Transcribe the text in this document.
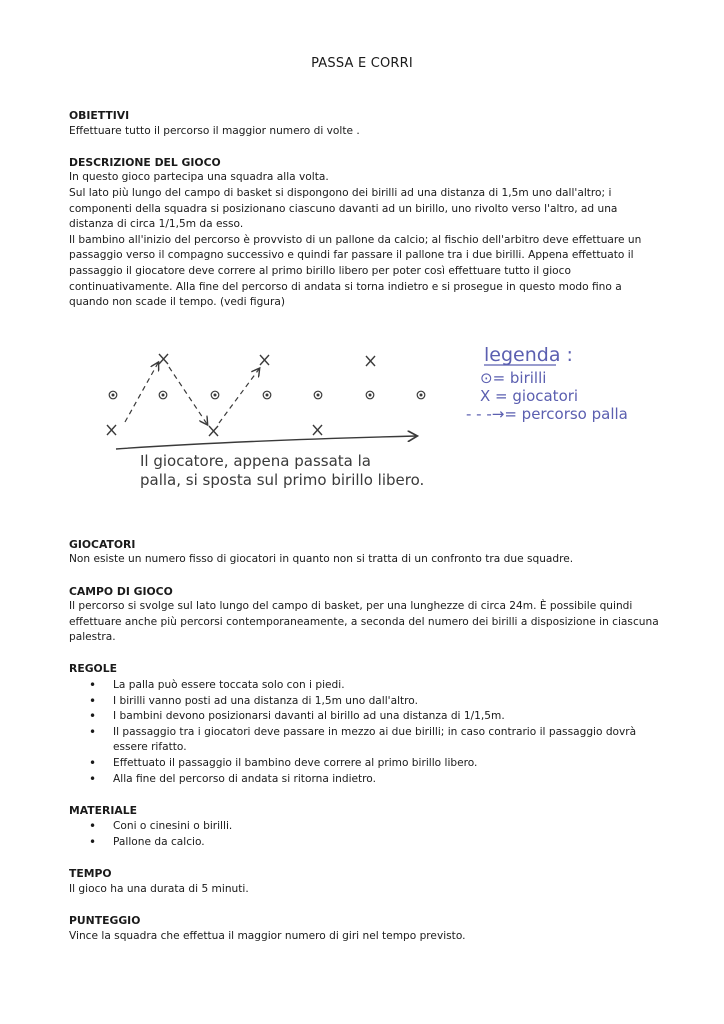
PASSA E CORRI
OBIETTIVI

Effettuare tutto il percorso il maggior numero di volte .

DESCRIZIONE DEL GIOCO

In questo gioco partecipa una squadra alla volta.

Sul lato più lungo del campo di basket si dispongono dei birilli ad una distanza di 1,5m uno dall'altro; i componenti della squadra si posizionano ciascuno davanti ad un birillo, uno rivolto verso l'altro, ad una distanza di circa 1/1,5m da esso.

Il bambino all'inizio del percorso è provvisto di un pallone da calcio; al fischio dell'arbitro deve effettuare un passaggio verso il compagno successivo e quindi far passare il pallone tra i due birilli. Appena effettuato il passaggio il giocatore deve correre al primo birillo libero per poter così effettuare tutto il gioco continuativamente. Alla fine del percorso di andata si torna indietro e si prosegue in questo modo fino a quando non scade il tempo. (vedi figura)

Il giocatore, appena passata la
palla, si sposta sul primo birillo libero.
legenda :
⊙= birilli
X = giocatori
- - -→= percorso palla
GIOCATORI

Non esiste un numero fisso di giocatori in quanto non si tratta di un confronto tra due squadre.

CAMPO DI GIOCO

Il percorso si svolge sul lato lungo del campo di basket, per una lunghezze di circa 24m. È possibile quindi effettuare anche più percorsi contemporaneamente, a seconda del numero dei birilli a disposizione in ciascuna palestra.

REGOLE
• La palla può essere toccata solo con i piedi.
• I birilli vanno posti ad una distanza di 1,5m uno dall'altro.
• I bambini devono posizionarsi davanti al birillo ad una distanza di 1/1,5m.
• Il passaggio tra i giocatori deve passare in mezzo ai due birilli; in caso contrario il passaggio dovrà essere rifatto.
• Effettuato il passaggio il bambino deve correre al primo birillo libero.
• Alla fine del percorso di andata si ritorna indietro.
MATERIALE
• Coni o cinesini o birilli.
• Pallone da calcio.
TEMPO

Il gioco ha una durata di 5 minuti.

PUNTEGGIO

Vince la squadra che effettua il maggior numero di giri nel tempo previsto.
